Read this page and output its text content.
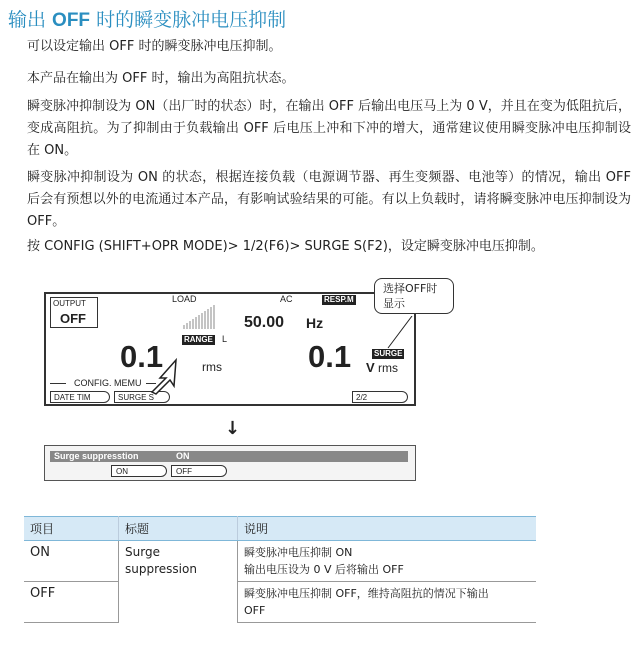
输出 OFF 时的瞬变脉冲电压抑制

可以设定输出 OFF 时的瞬变脉冲电压抑制。

本产品在输出为 OFF 时，输出为高阻抗状态。

瞬变脉冲抑制设为 ON（出厂时的状态）时，在输出 OFF 后输出电压马上为 0 V，并且在变为低阻抗后，变成高阻抗。为了抑制由于负载输出 OFF 后电压上冲和下冲的增大，通常建议使用瞬变脉冲电压抑制设在 ON。

瞬变脉冲抑制设为 ON 的状态，根据连接负载（电源调节器、再生变频器、电池等）的情况，输出 OFF 后会有预想以外的电流通过本产品，有影响试验结果的可能。有以上负载时，请将瞬变脉冲电压抑制设为 OFF。

按 CONFIG (SHIFT+OPR MODE)> 1/2(F6)> SURGE S(F2)，设定瞬变脉冲电压抑制。

OUTPUT
OFF
LOAD	AC	RESP.M
50.00 Hz
RANGE L
0.1	rms	0.1	SURGE
V rms
CONFIG. MEMU
DATE TIM	SURGE S	2/2
选择OFF时
显示
↓
Surge suppresstion	ON
ON	OFF
项目	标题	说明
ON	Surge suppression	瞬变脉冲电压抑制 ON
输出电压设为 0 V 后将输出 OFF

OFF		瞬变脉冲电压抑制 OFF，维持高阻抗的情况下输出
OFF
